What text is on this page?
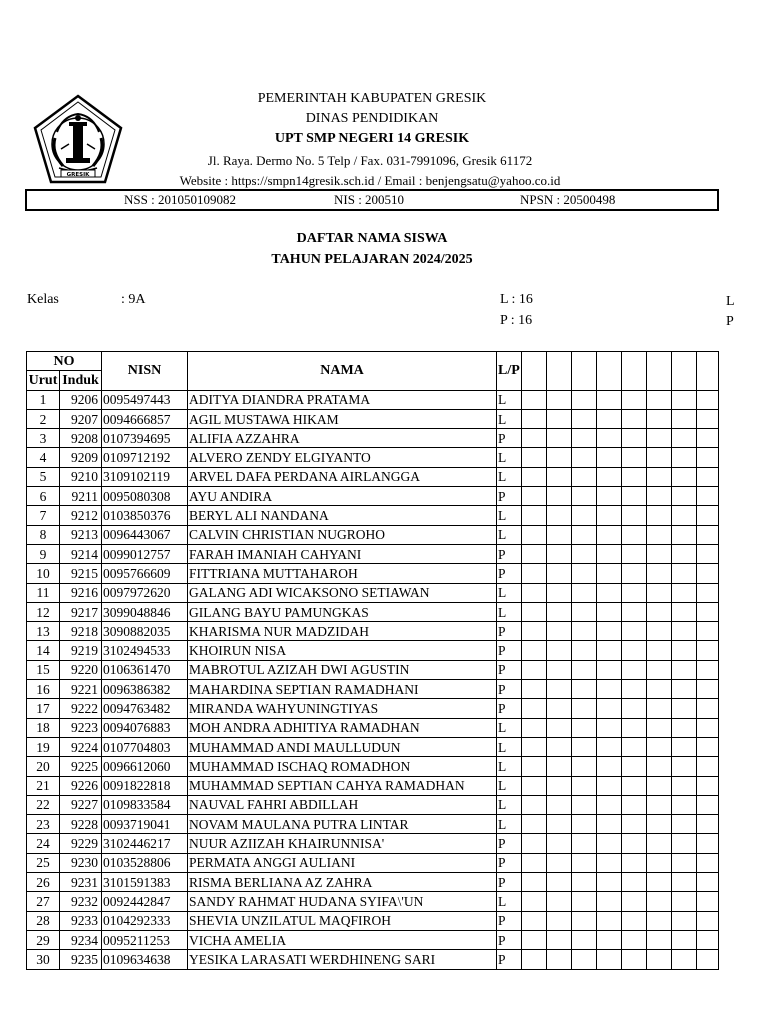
GRESIK
PEMERINTAH KABUPATEN GRESIK
DINAS PENDIDIKAN
UPT SMP NEGERI 14 GRESIK
Jl. Raya. Dermo No. 5 Telp / Fax. 031-7991096, Gresik 61172
Website : https://smpn14gresik.sch.id / Email : benjengsatu@yahoo.co.id
NSS : 201050109082	NIS : 200510	NPSN : 20500498
DAFTAR NAMA SISWA
TAHUN PELAJARAN 2024/2025
Kelas	: 9A	L : 16
P : 16
L
P
NO		NISN	NAMA	L/P								
Urut	Induk											
1	9206	0095497443	ADITYA DIANDRA PRATAMA	L								
2	9207	0094666857	AGIL MUSTAWA HIKAM	L								
3	9208	0107394695	ALIFIA AZZAHRA	P								
4	9209	0109712192	ALVERO ZENDY ELGIYANTO	L								
5	9210	3109102119	ARVEL DAFA PERDANA AIRLANGGA	L								
6	9211	0095080308	AYU ANDIRA	P								
7	9212	0103850376	BERYL ALI NANDANA	L								
8	9213	0096443067	CALVIN CHRISTIAN NUGROHO	L								
9	9214	0099012757	FARAH IMANIAH CAHYANI	P								
10	9215	0095766609	FITTRIANA MUTTAHAROH	P								
11	9216	0097972620	GALANG ADI WICAKSONO SETIAWAN	L								
12	9217	3099048846	GILANG BAYU PAMUNGKAS	L								
13	9218	3090882035	KHARISMA NUR MADZIDAH	P								
14	9219	3102494533	KHOIRUN NISA	P								
15	9220	0106361470	MABROTUL AZIZAH DWI AGUSTIN	P								
16	9221	0096386382	MAHARDINA SEPTIAN RAMADHANI	P								
17	9222	0094763482	MIRANDA WAHYUNINGTIYAS	P								
18	9223	0094076883	MOH ANDRA ADHITIYA RAMADHAN	L								
19	9224	0107704803	MUHAMMAD ANDI MAULLUDUN	L								
20	9225	0096612060	MUHAMMAD ISCHAQ ROMADHON	L								
21	9226	0091822818	MUHAMMAD SEPTIAN CAHYA RAMADHAN	L								
22	9227	0109833584	NAUVAL FAHRI ABDILLAH	L								
23	9228	0093719041	NOVAM MAULANA PUTRA LINTAR	L								
24	9229	3102446217	NUUR AZIIZAH KHAIRUNNISA'	P								
25	9230	0103528806	PERMATA ANGGI AULIANI	P								
26	9231	3101591383	RISMA BERLIANA AZ ZAHRA	P								
27	9232	0092442847	SANDY RAHMAT HUDANA SYIFA\'UN	L								
28	9233	0104292333	SHEVIA UNZILATUL MAQFIROH	P								
29	9234	0095211253	VICHA AMELIA	P								
30	9235	0109634638	YESIKA LARASATI WERDHINENG SARI	P								
